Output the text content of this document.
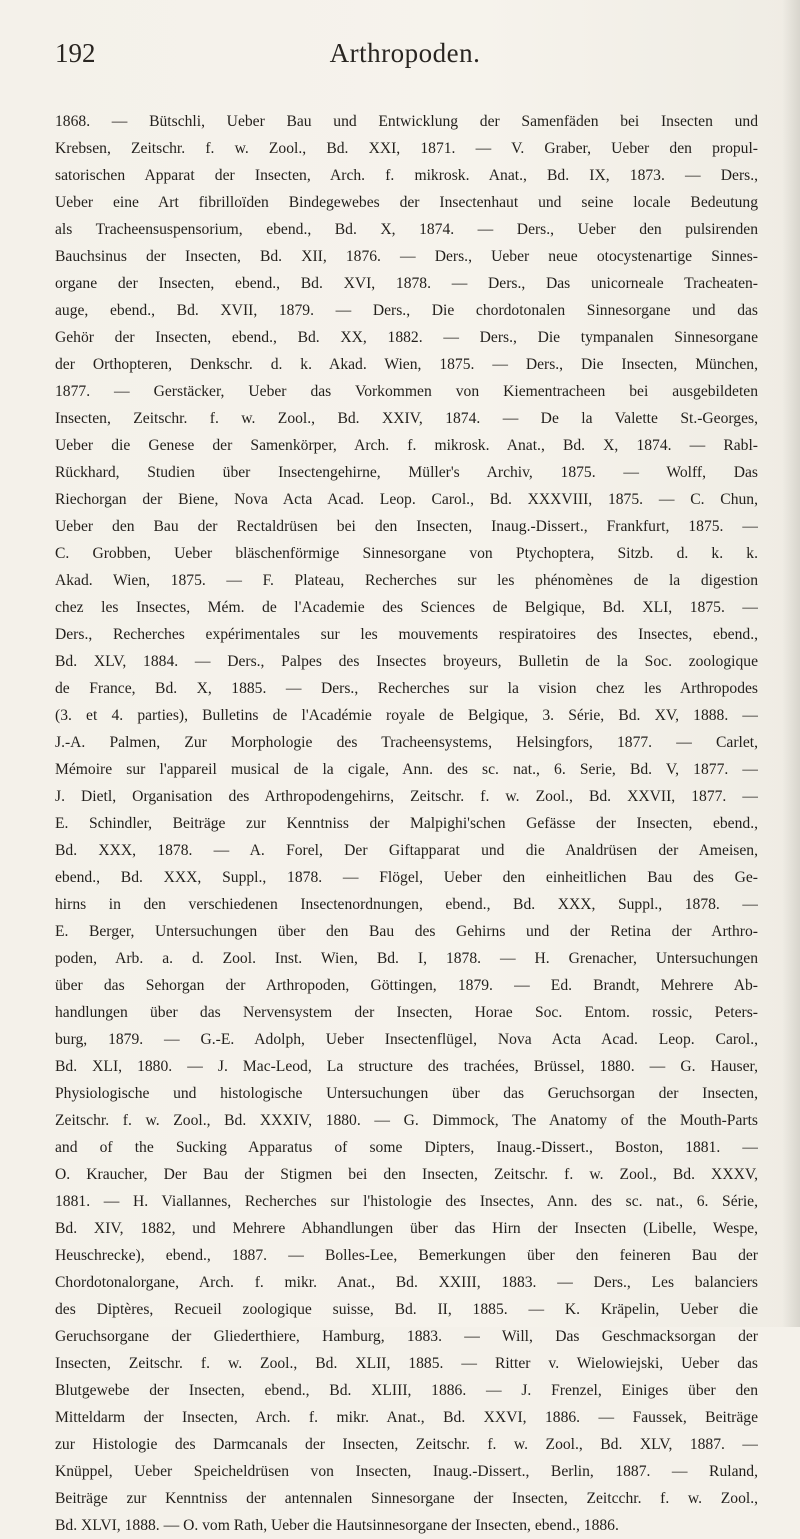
192	Arthropoden.
1868. — Bütschli, Ueber Bau und Entwicklung der Samenfäden bei Insecten und
Krebsen, Zeitschr. f. w. Zool., Bd. XXI, 1871. — V. Graber, Ueber den propul-
satorischen Apparat der Insecten, Arch. f. mikrosk. Anat., Bd. IX, 1873. — Ders.,
Ueber eine Art fibrilloïden Bindegewebes der Insectenhaut und seine locale Bedeutung
als Tracheensuspensorium, ebend., Bd. X, 1874. — Ders., Ueber den pulsirenden
Bauchsinus der Insecten, Bd. XII, 1876. — Ders., Ueber neue otocystenartige Sinnes-
organe der Insecten, ebend., Bd. XVI, 1878. — Ders., Das unicorneale Tracheaten-
auge, ebend., Bd. XVII, 1879. — Ders., Die chordotonalen Sinnesorgane und das
Gehör der Insecten, ebend., Bd. XX, 1882. — Ders., Die tympanalen Sinnesorgane
der Orthopteren, Denkschr. d. k. Akad. Wien, 1875. — Ders., Die Insecten, München,
1877. — Gerstäcker, Ueber das Vorkommen von Kiementracheen bei ausgebildeten
Insecten, Zeitschr. f. w. Zool., Bd. XXIV, 1874. — De la Valette St.-Georges,
Ueber die Genese der Samenkörper, Arch. f. mikrosk. Anat., Bd. X, 1874. — Rabl-
Rückhard, Studien über Insectengehirne, Müller's Archiv, 1875. — Wolff, Das
Riechorgan der Biene, Nova Acta Acad. Leop. Carol., Bd. XXXVIII, 1875. — C. Chun,
Ueber den Bau der Rectaldrüsen bei den Insecten, Inaug.-Dissert., Frankfurt, 1875. —
C. Grobben, Ueber bläschenförmige Sinnesorgane von Ptychoptera, Sitzb. d. k. k.
Akad. Wien, 1875. — F. Plateau, Recherches sur les phénomènes de la digestion
chez les Insectes, Mém. de l'Academie des Sciences de Belgique, Bd. XLI, 1875. —
Ders., Recherches expérimentales sur les mouvements respiratoires des Insectes, ebend.,
Bd. XLV, 1884. — Ders., Palpes des Insectes broyeurs, Bulletin de la Soc. zoologique
de France, Bd. X, 1885. — Ders., Recherches sur la vision chez les Arthropodes
(3. et 4. parties), Bulletins de l'Académie royale de Belgique, 3. Série, Bd. XV, 1888. —
J.-A. Palmen, Zur Morphologie des Tracheensystems, Helsingfors, 1877. — Carlet,
Mémoire sur l'appareil musical de la cigale, Ann. des sc. nat., 6. Serie, Bd. V, 1877. —
J. Dietl, Organisation des Arthropodengehirns, Zeitschr. f. w. Zool., Bd. XXVII, 1877. —
E. Schindler, Beiträge zur Kenntniss der Malpighi'schen Gefässe der Insecten, ebend.,
Bd. XXX, 1878. — A. Forel, Der Giftapparat und die Analdrüsen der Ameisen,
ebend., Bd. XXX, Suppl., 1878. — Flögel, Ueber den einheitlichen Bau des Ge-
hirns in den verschiedenen Insectenordnungen, ebend., Bd. XXX, Suppl., 1878. —
E. Berger, Untersuchungen über den Bau des Gehirns und der Retina der Arthro-
poden, Arb. a. d. Zool. Inst. Wien, Bd. I, 1878. — H. Grenacher, Untersuchungen
über das Sehorgan der Arthropoden, Göttingen, 1879. — Ed. Brandt, Mehrere Ab-
handlungen über das Nervensystem der Insecten, Horae Soc. Entom. rossic, Peters-
burg, 1879. — G.-E. Adolph, Ueber Insectenflügel, Nova Acta Acad. Leop. Carol.,
Bd. XLI, 1880. — J. Mac-Leod, La structure des trachées, Brüssel, 1880. — G. Hauser,
Physiologische und histologische Untersuchungen über das Geruchsorgan der Insecten,
Zeitschr. f. w. Zool., Bd. XXXIV, 1880. — G. Dimmock, The Anatomy of the Mouth-Parts
and of the Sucking Apparatus of some Dipters, Inaug.-Dissert., Boston, 1881. —
O. Kraucher, Der Bau der Stigmen bei den Insecten, Zeitschr. f. w. Zool., Bd. XXXV,
1881. — H. Viallannes, Recherches sur l'histologie des Insectes, Ann. des sc. nat., 6. Série,
Bd. XIV, 1882, und Mehrere Abhandlungen über das Hirn der Insecten (Libelle, Wespe,
Heuschrecke), ebend., 1887. — Bolles-Lee, Bemerkungen über den feineren Bau der
Chordotonalorgane, Arch. f. mikr. Anat., Bd. XXIII, 1883. — Ders., Les balanciers
des Diptères, Recueil zoologique suisse, Bd. II, 1885. — K. Kräpelin, Ueber die
Geruchsorgane der Gliederthiere, Hamburg, 1883. — Will, Das Geschmacksorgan der
Insecten, Zeitschr. f. w. Zool., Bd. XLII, 1885. — Ritter v. Wielowiejski, Ueber das
Blutgewebe der Insecten, ebend., Bd. XLIII, 1886. — J. Frenzel, Einiges über den
Mitteldarm der Insecten, Arch. f. mikr. Anat., Bd. XXVI, 1886. — Faussek, Beiträge
zur Histologie des Darmcanals der Insecten, Zeitschr. f. w. Zool., Bd. XLV, 1887. —
Knüppel, Ueber Speicheldrüsen von Insecten, Inaug.-Dissert., Berlin, 1887. — Ruland,
Beiträge zur Kenntniss der antennalen Sinnesorgane der Insecten, Zeitcchr. f. w. Zool.,
Bd. XLVI, 1888. — O. vom Rath, Ueber die Hautsinnesorgane der Insecten, ebend., 1886.
